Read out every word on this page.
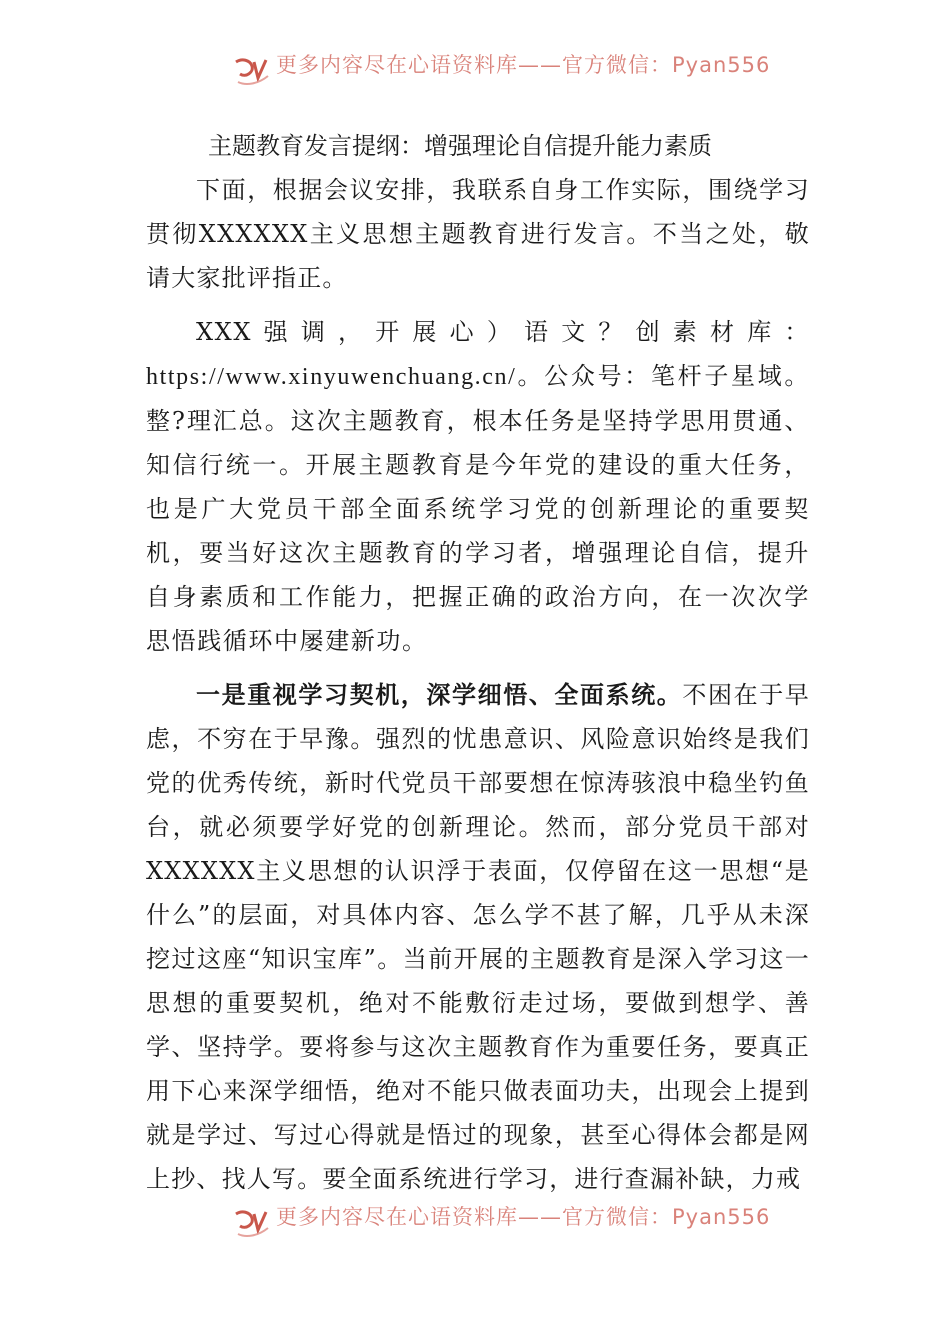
更多内容尽在心语资料库——官方微信：Pyan556
主题教育发言提纲：增强理论自信提升能力素质

下面，根据会议安排，我联系自身工作实际，围绕学习贯彻XXXXXX主义思想主题教育进行发言。不当之处，敬请大家批评指正。

XXX强调，开展心）语文？创素材库：https://www.xinyuwenchuang.cn/。公众号：笔杆子星域。整?理汇总。这次主题教育，根本任务是坚持学思用贯通、知信行统一。开展主题教育是今年党的建设的重大任务，也是广大党员干部全面系统学习党的创新理论的重要契机，要当好这次主题教育的学习者，增强理论自信，提升自身素质和工作能力，把握正确的政治方向，在一次次学思悟践循环中屡建新功。

一是重视学习契机，深学细悟、全面系统。不困在于早虑，不穷在于早豫。强烈的忧患意识、风险意识始终是我们党的优秀传统，新时代党员干部要想在惊涛骇浪中稳坐钓鱼台，就必须要学好党的创新理论。然而，部分党员干部对XXXXXX主义思想的认识浮于表面，仅停留在这一思想“是什么”的层面，对具体内容、怎么学不甚了解，几乎从未深挖过这座“知识宝库”。当前开展的主题教育是深入学习这一思想的重要契机，绝对不能敷衍走过场，要做到想学、善学、坚持学。要将参与这次主题教育作为重要任务，要真正用下心来深学细悟，绝对不能只做表面功夫，出现会上提到就是学过、写过心得就是悟过的现象，甚至心得体会都是网上抄、找人写。要全面系统进行学习，进行查漏补缺，力戒

更多内容尽在心语资料库——官方微信：Pyan556
